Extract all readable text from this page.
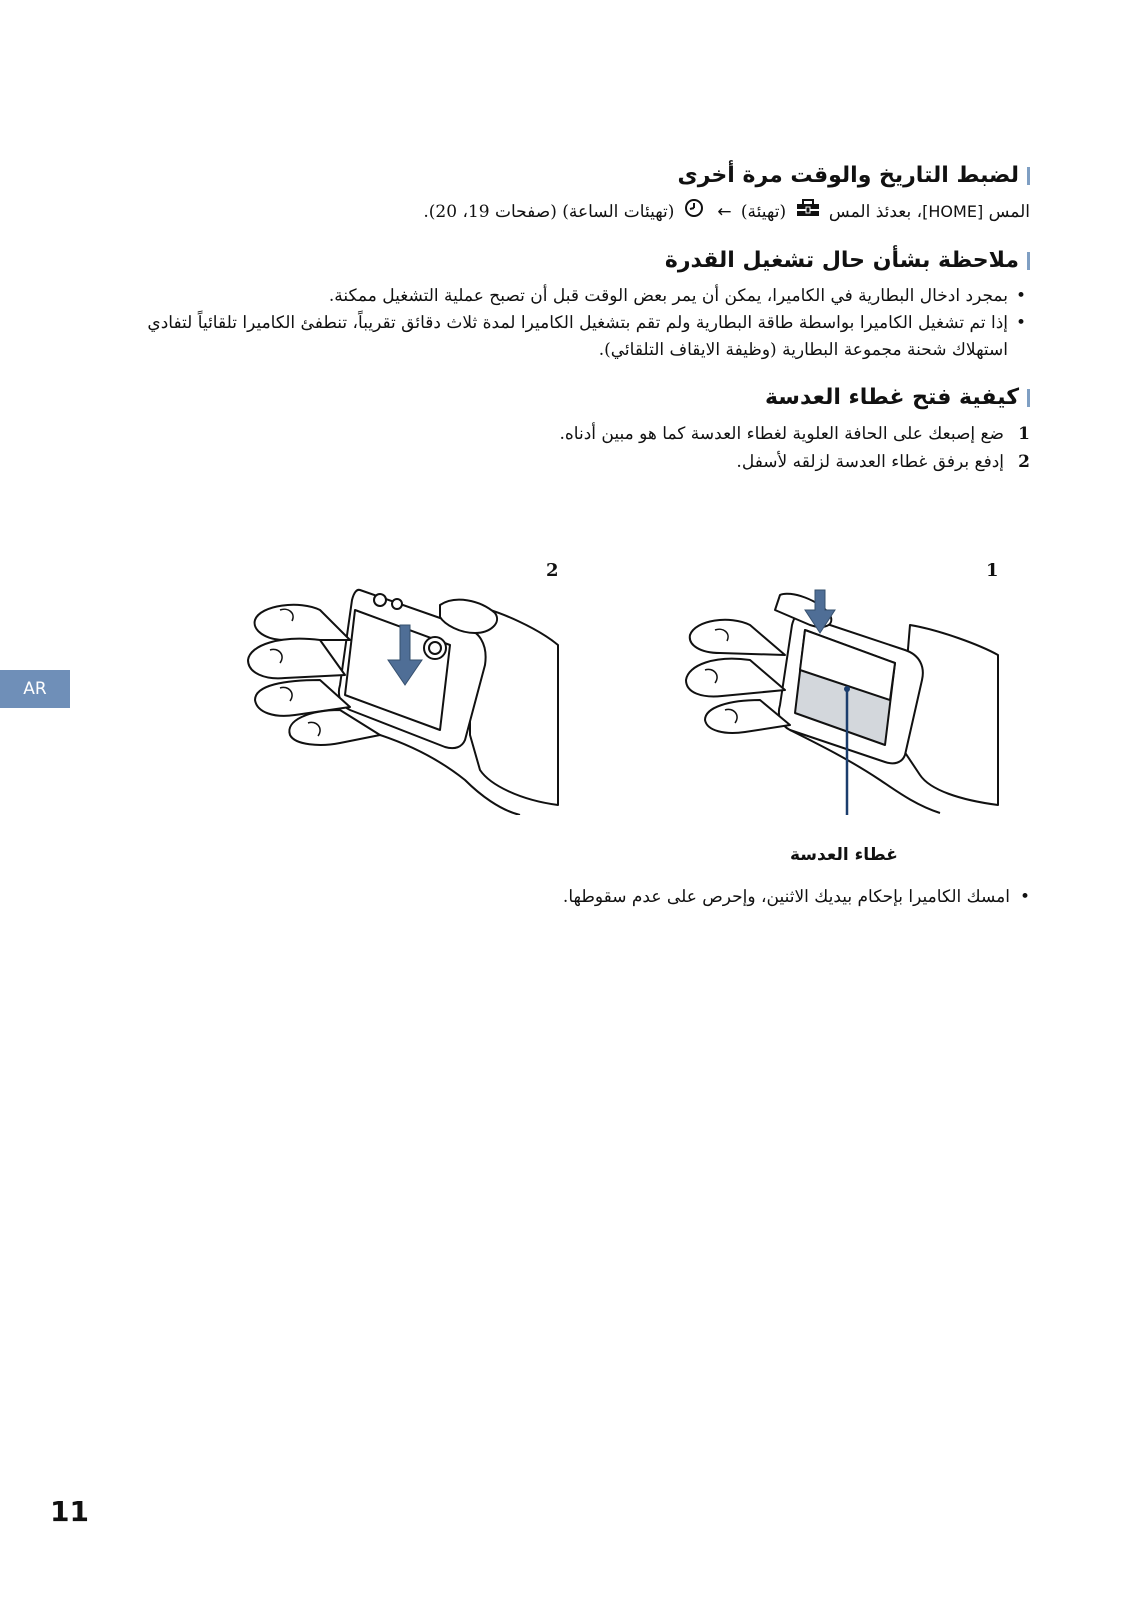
لضبط التاريخ والوقت مرة أخرى

المس [HOME]، بعدئذ المس  (تهيئة) ←  (تهيئات الساعة) (صفحات 19، 20).

ملاحظة بشأن حال تشغيل القدرة
•
بمجرد ادخال البطارية في الكاميرا، يمكن أن يمر بعض الوقت قبل أن تصبح عملية التشغيل ممكنة.
•
إذا تم تشغيل الكاميرا بواسطة طاقة البطارية ولم تقم بتشغيل الكاميرا لمدة ثلاث دقائق تقريباً، تنطفئ الكاميرا تلقائياً لتفادي استهلاك شحنة مجموعة البطارية (وظيفة الايقاف التلقائي).
كيفية فتح غطاء العدسة
1ضع إصبعك على الحافة العلوية لغطاء العدسة كما هو مبين أدناه.
2إدفع برفق غطاء العدسة لزلقه لأسفل.
2	1
غطاء العدسة
•امسك الكاميرا بإحكام بيديك الاثنين، وإحرص على عدم سقوطها.
AR
11
